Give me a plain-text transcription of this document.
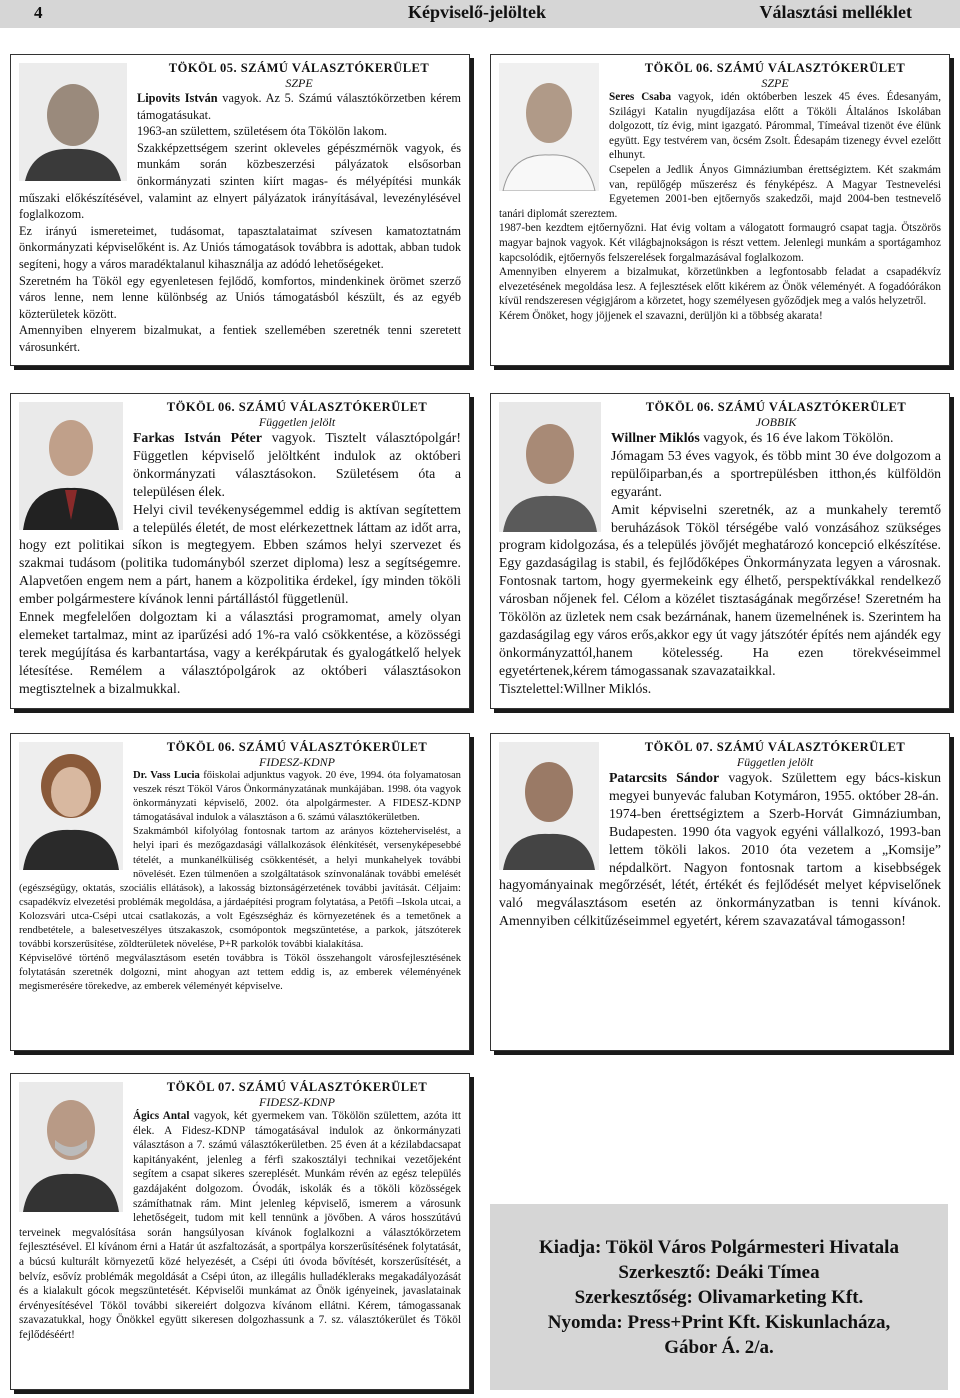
4	Képviselő-jelöltek	Választási melléklet
TÖKÖL 05. SZÁMÚ VÁLASZTÓKERÜLET
SZPE

Lipovits István vagyok. Az 5. Számú választókörzetben kérem támogatásukat.

1963-an születtem, születésem óta Tökölön lakom.

Szakképzettségem szerint okleveles gépészmérnök vagyok, és munkám során közbeszerzési pályázatok elsősorban önkormányzati szinten kiírt magas- és mélyépítési munkák műszaki előkészítésével, valamint az elnyert pályázatok irányításával, levezénylésével foglalkozom.

Ez irányú ismereteimet, tudásomat, tapasztalataimat szívesen kamatoztatnám önkormányzati képviselőként is. Az Uniós támogatások továbbra is adottak, abban tudok segíteni, hogy a város maradéktalanul kihasználja az adódó lehetőségeket.

Szeretném ha Tököl egy egyenletesen fejlődő, komfortos, mindenkinek örömet szerző város lenne, nem lenne különbség az Uniós támogatásból készült, és az egyéb közterületek között.

Amennyiben elnyerem bizalmukat, a fentiek szellemében szeretnék tenni szeretett városunkért.

TÖKÖL 06. SZÁMÚ VÁLASZTÓKERÜLET
SZPE

Seres Csaba vagyok, idén októberben leszek 45 éves. Édesanyám, Szilágyi Katalin nyugdíjazása előtt a Tököli Általános Iskolában dolgozott, tíz évig, mint igazgató. Párommal, Tímeával tizenöt éve élünk együtt. Egy testvérem van, öcsém Zsolt. Édesapám tizenegy évvel ezelőtt elhunyt.

Csepelen a Jedlik Ányos Gimnáziumban érettségiztem. Két szakmám van, repülőgép műszerész és fényképész. A Magyar Testnevelési Egyetemen 2001-ben ejtőernyős szakedzői, majd 2004-ben testnevelő tanári diplomát szereztem.

1987-ben kezdtem ejtőernyőzni. Hat évig voltam a válogatott formaugró csapat tagja. Ötszörös magyar bajnok vagyok. Két világbajnokságon is részt vettem. Jelenlegi munkám a sportágamhoz kapcsolódik, ejtőernyős felszerelések forgalmazásával foglalkozom.

Amennyiben elnyerem a bizalmukat, körzetünkben a legfontosabb feladat a csapadékvíz elvezetésének megoldása lesz. A fejlesztések előtt kikérem az Önök véleményét. A fogadóórákon kívül rendszeresen végigjárom a körzetet, hogy személyesen győződjek meg a valós helyzetről.

Kérem Önöket, hogy jöjjenek el szavazni, derüljön ki a többség akarata!

TÖKÖL 06. SZÁMÚ VÁLASZTÓKERÜLET
Független jelölt

Farkas István Péter vagyok. Tisztelt választópolgár! Független képviselő jelöltként indulok az októberi önkormányzati választásokon. Születésem óta a településen élek.

Helyi civil tevékenységemmel eddig is aktívan segítettem a település életét, de most elérkezettnek láttam az időt arra, hogy ezt politikai síkon is megtegyem. Ebben számos helyi szervezet és szakmai tudásom (politika tudományból szerzet diploma) lesz a segítségemre. Alapvetően engem nem a párt, hanem a közpolitika érdekel, így minden tököli ember polgármestere kívánok lenni pártállástól függetlenül.

Ennek megfelelően dolgoztam ki a választási programomat, amely olyan elemeket tartalmaz, mint az iparűzési adó 1%-ra való csökkentése, a közösségi terek megújítása és karbantartása, vagy a kerékpárutak és gyalogátkelő helyek létesítése. Remélem a választópolgárok az októberi választásokon megtisztelnek a bizalmukkal.

TÖKÖL 06. SZÁMÚ VÁLASZTÓKERÜLET
JOBBIK

Willner Miklós vagyok, és 16 éve lakom Tökölön.

Jómagam 53 éves vagyok, és több mint 30 éve dolgozom a repülőiparban,és a sportrepülésben itthon,és külföldön egyaránt.

Amit képviselni szeretnék, az a munkahely teremtő beruházások Tököl térségébe való vonzásához szükséges program kidolgozása, és a település jövőjét meghatározó koncepció elkészítése. Egy gazdaságilag is stabil, és fejlődőképes Önkormányzata legyen a városnak. Fontosnak tartom, hogy gyermekeink egy élhető, perspektívákkal rendelkező városban nőjenek fel. Célom a közélet tisztaságának megőrzése! Szeretném ha Tökölön az üzletek nem csak bezárnának, hanem üzemelnének is. Szerintem ha gazdaságilag egy város erős,akkor egy út vagy játszótér építés nem ajándék egy önkormányzattól,hanem kötelesség. Ha ezen törekvéseimmel egyetértenek,kérem támogassanak szavazataikkal.

Tisztelettel:Willner Miklós.

TÖKÖL 06. SZÁMÚ VÁLASZTÓKERÜLET
FIDESZ-KDNP

Dr. Vass Lucia főiskolai adjunktus vagyok. 20 éve, 1994. óta folyamatosan veszek részt Tököl Város Önkormányzatának munkájában. 1998. óta vagyok önkormányzati képviselő, 2002. óta alpolgármester. A FIDESZ-KDNP támogatásával indulok a választáson a 6. számú választókerületben.

Szakmámból kifolyólag fontosnak tartom az arányos közteherviselést, a helyi ipari és mezőgazdasági vállalkozások élénkítését, versenyképesebbé tételét, a munkanélküliség csökkentését, a helyi munkahelyek további növelését. Ezen túlmenően a szolgáltatások színvonalának további emelését (egészségügy, oktatás, szociális ellátások), a lakosság biztonságérzetének további javítását. Céljaim: csapadékvíz elvezetési problémák megoldása, a járdaépítési program folytatása, a Petőfi –Iskola utcai, a Kolozsvári utca-Csépi utcai csatlakozás, a volt Egészségház és környezetének és a temetőnek a rendbetétele, a balesetveszélyes útszakaszok, csomópontok megszüntetése, a parkok, játszóterek további korszerűsítése, zöldterületek növelése, P+R parkolók további kialakítása.

Képviselővé történő megválasztásom esetén továbbra is Tököl összehangolt városfejlesztésének folytatásán szeretnék dolgozni, mint ahogyan azt tettem eddig is, az emberek véleményének megismerésére törekedve, az emberek véleményét képviselve.

TÖKÖL 07. SZÁMÚ VÁLASZTÓKERÜLET
Független jelölt

Patarcsits Sándor vagyok. Születtem egy bács-kiskun megyei bunyevác faluban Kotymáron, 1955. október 28-án.

1974-ben érettségiztem a Szerb-Horvát Gimnáziumban, Budapesten. 1990 óta vagyok egyéni vállalkozó, 1993-ban lettem tököli lakos. 2010 óta vezetem a „Komsije” népdalkört. Nagyon fontosnak tartom a kisebbségek hagyományainak megőrzését, létét, értékét és fejlődését melyet képviselőnek való megválasztásom esetén az önkormányzatban is tenni kívánok. Amennyiben célkitűzéseimmel egyetért, kérem szavazatával támogasson!

TÖKÖL 07. SZÁMÚ VÁLASZTÓKERÜLET
FIDESZ-KDNP

Ágics Antal vagyok, két gyermekem van. Tökölön születtem, azóta itt élek. A Fidesz-KDNP támogatásával indulok az önkormányzati választáson a 7. számú választókerületben. 25 éven át a kézilabdacsapat kapitányaként, jelenleg a férfi szakosztályi technikai vezetőjeként segítem a csapat sikeres szereplését. Munkám révén az egész település gazdájaként dolgozom. Óvodák, iskolák és a tököli közösségek számíthatnak rám. Mint jelenleg képviselő, ismerem a városunk lehetőségeit, tudom mit kell tennünk a jövőben. A város hosszútávú terveinek megvalósítása során hangsúlyosan kívánok foglalkozni a választókörzetem fejlesztésével. El kívánom érni a Határ út aszfaltozását, a sportpálya korszerűsítésének folytatását, a búcsú kulturált környezetű közé helyezését, a Csépi úti óvoda bővítését, korszerűsítését, a belvíz, esővíz problémák megoldását a Csépi úton, az illegális hulladékleraks megakadályozását és a kialakult gócok megszüntetését. Képviselői munkámat az Önök igényeinek, javaslatainak érvényesítésével Tököl további sikereiért dolgozva kívánom ellátni. Kérem, támogassanak szavazatukkal, hogy Önökkel együtt sikeresen dolgozhassunk a 7. sz. választókerület és Tököl fejlődéséért!

Kiadja: Tököl Város Polgármesteri Hivatala
Szerkesztő: Deáki Tímea
Szerkesztőség: Olivamarketing Kft.
Nyomda: Press+Print Kft. Kiskunlacháza,
Gábor Á. 2/a.
